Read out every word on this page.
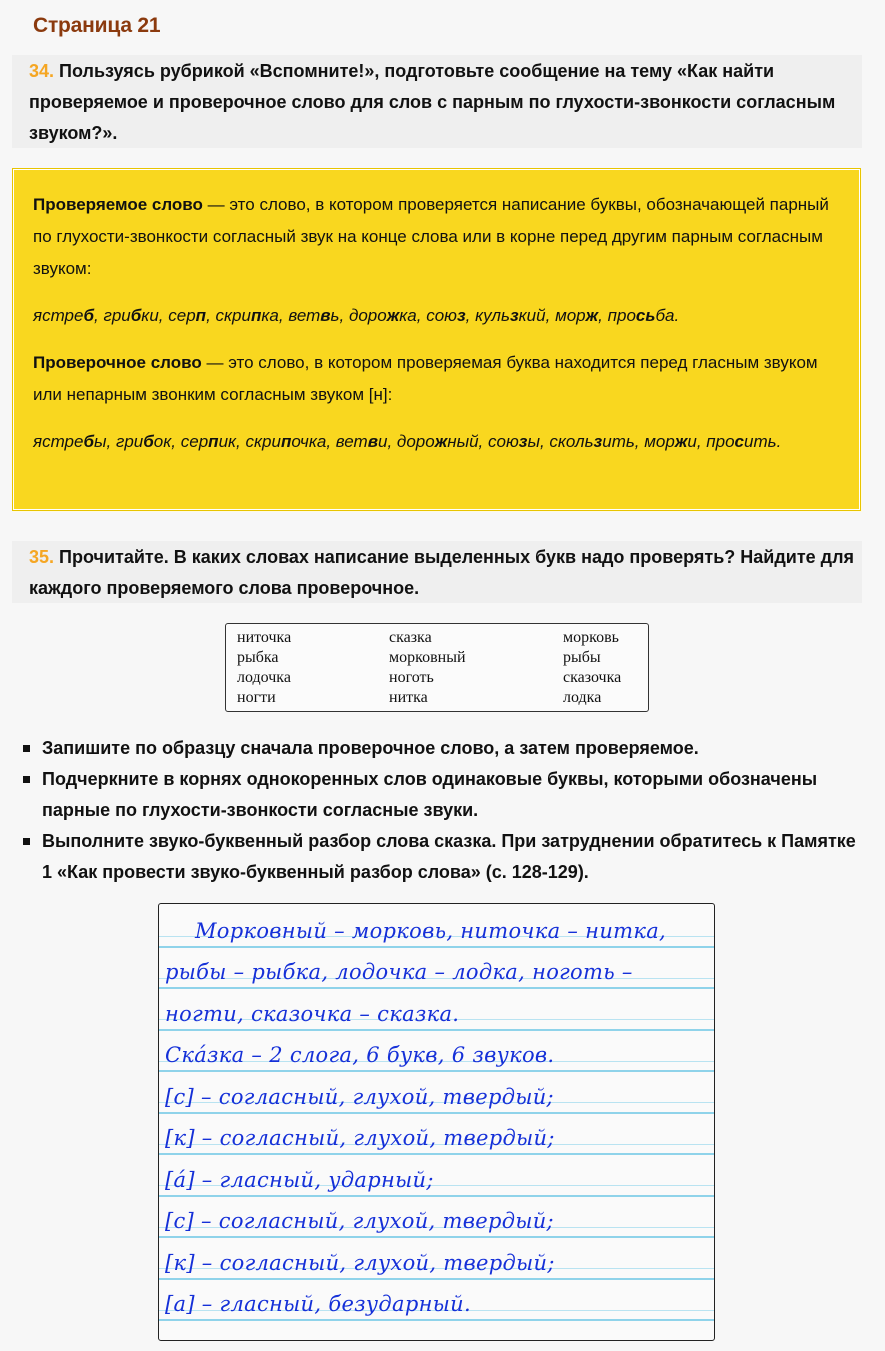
Страница 21
34. Пользуясь рубрикой «Вспомните!», подготовьте сообщение на тему «Как найти проверяемое и проверочное слово для слов с парным по глухости-звонкости согласным звуком?».

Проверяемое слово — это слово, в котором проверяется написание буквы, обозначающей парный по глухости-звонкости согласный звук на конце слова или в корне перед другим парным согласным звуком:

ястреб, грибки, серп, скрипка, ветвь, дорожка, союз, кульзкий, морж, просьба.

Проверочное слово — это слово, в котором проверяемая буква находится перед гласным звуком или непарным звонким согласным звуком [н]:

ястребы, грибок, серпик, скрипочка, ветви, дорожный, союзы, скользить, моржи, просить.

35. Прочитайте. В каких словах написание выделенных букв надо проверять? Найдите для каждого проверяемого слова проверочное.
ниточка
рыбка
лодочка
ногти
сказка
морковный
ноготь
нитка
морковь
рыбы
сказочка
лодка
Запишите по образцу сначала проверочное слово, а затем проверяемое.
Подчеркните в корнях однокоренных слов одинаковые буквы, которыми обозначены парные по глухости-звонкости согласные звуки.
Выполните звуко-буквенный разбор слова сказка. При затруднении обратитесь к Памятке 1 «Как провести звуко-буквенный разбор слова» (с. 128-129).
Морковный – морковь, ниточка – нитка,
рыбы – рыбка, лодочка – лодка, ноготь –
ногти, сказочка – сказка.
Ска́зка – 2 слога, 6 букв, 6 звуков.
[с] – согласный, глухой, твердый;
[к] – согласный, глухой, твердый;
[а́] – гласный, ударный;
[с] – согласный, глухой, твердый;
[к] – согласный, глухой, твердый;
[а] – гласный, безударный.
